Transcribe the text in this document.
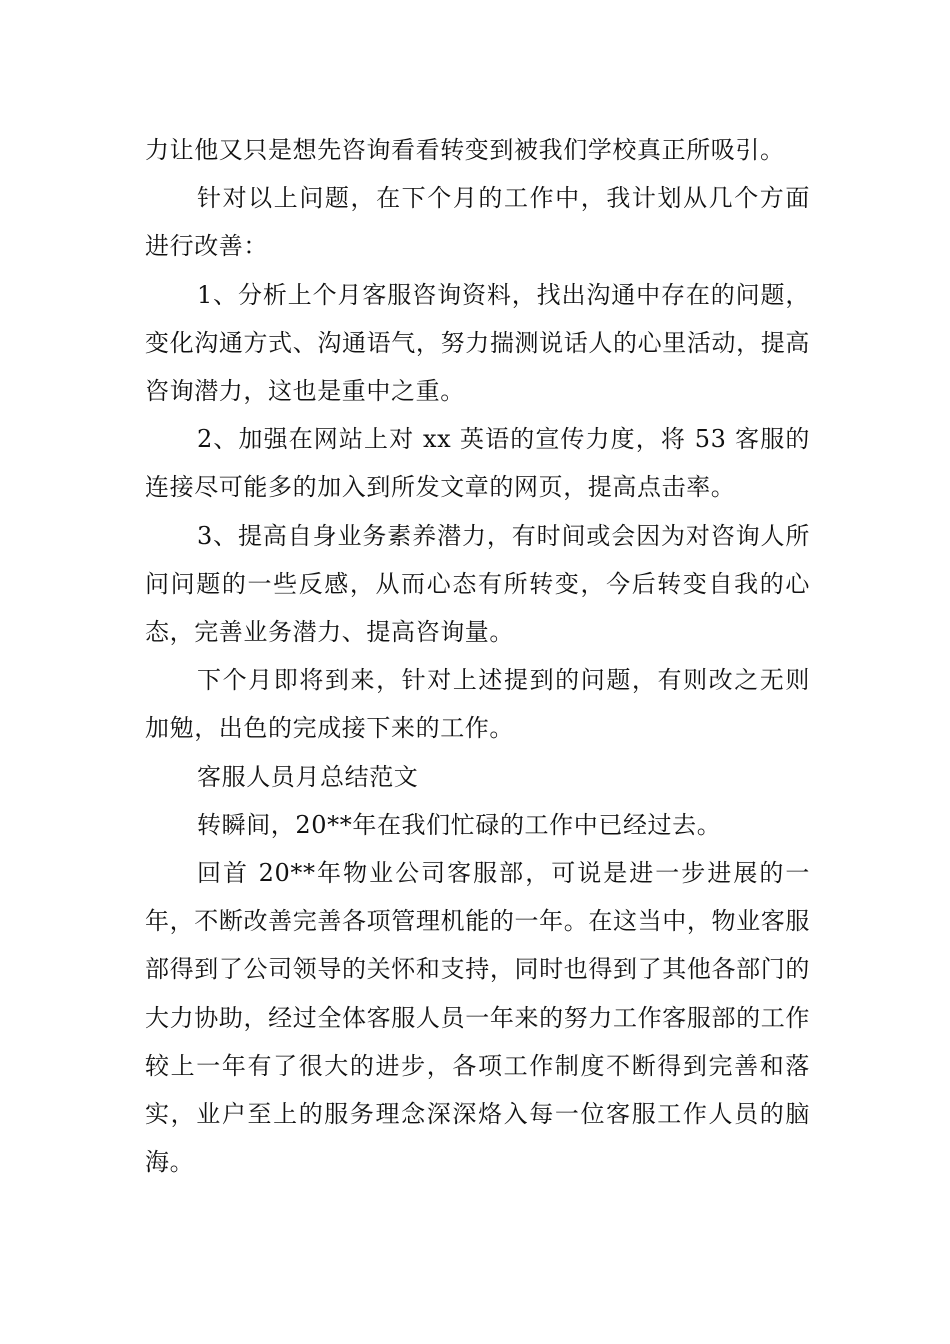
力让他又只是想先咨询看看转变到被我们学校真正所吸引。

针对以上问题，在下个月的工作中，我计划从几个方面进行改善：

1、分析上个月客服咨询资料，找出沟通中存在的问题，变化沟通方式、沟通语气，努力揣测说话人的心里活动，提高咨询潜力，这也是重中之重。

2、加强在网站上对 xx 英语的宣传力度，将 53 客服的连接尽可能多的加入到所发文章的网页，提高点击率。

3、提高自身业务素养潜力，有时间或会因为对咨询人所问问题的一些反感，从而心态有所转变，今后转变自我的心态，完善业务潜力、提高咨询量。

下个月即将到来，针对上述提到的问题，有则改之无则加勉，出色的完成接下来的工作。

客服人员月总结范文

转瞬间，20**年在我们忙碌的工作中已经过去。

回首 20**年物业公司客服部，可说是进一步进展的一年，不断改善完善各项管理机能的一年。在这当中，物业客服部得到了公司领导的关怀和支持，同时也得到了其他各部门的大力协助，经过全体客服人员一年来的努力工作客服部的工作较上一年有了很大的进步，各项工作制度不断得到完善和落实，业户至上的服务理念深深烙入每一位客服工作人员的脑海。
